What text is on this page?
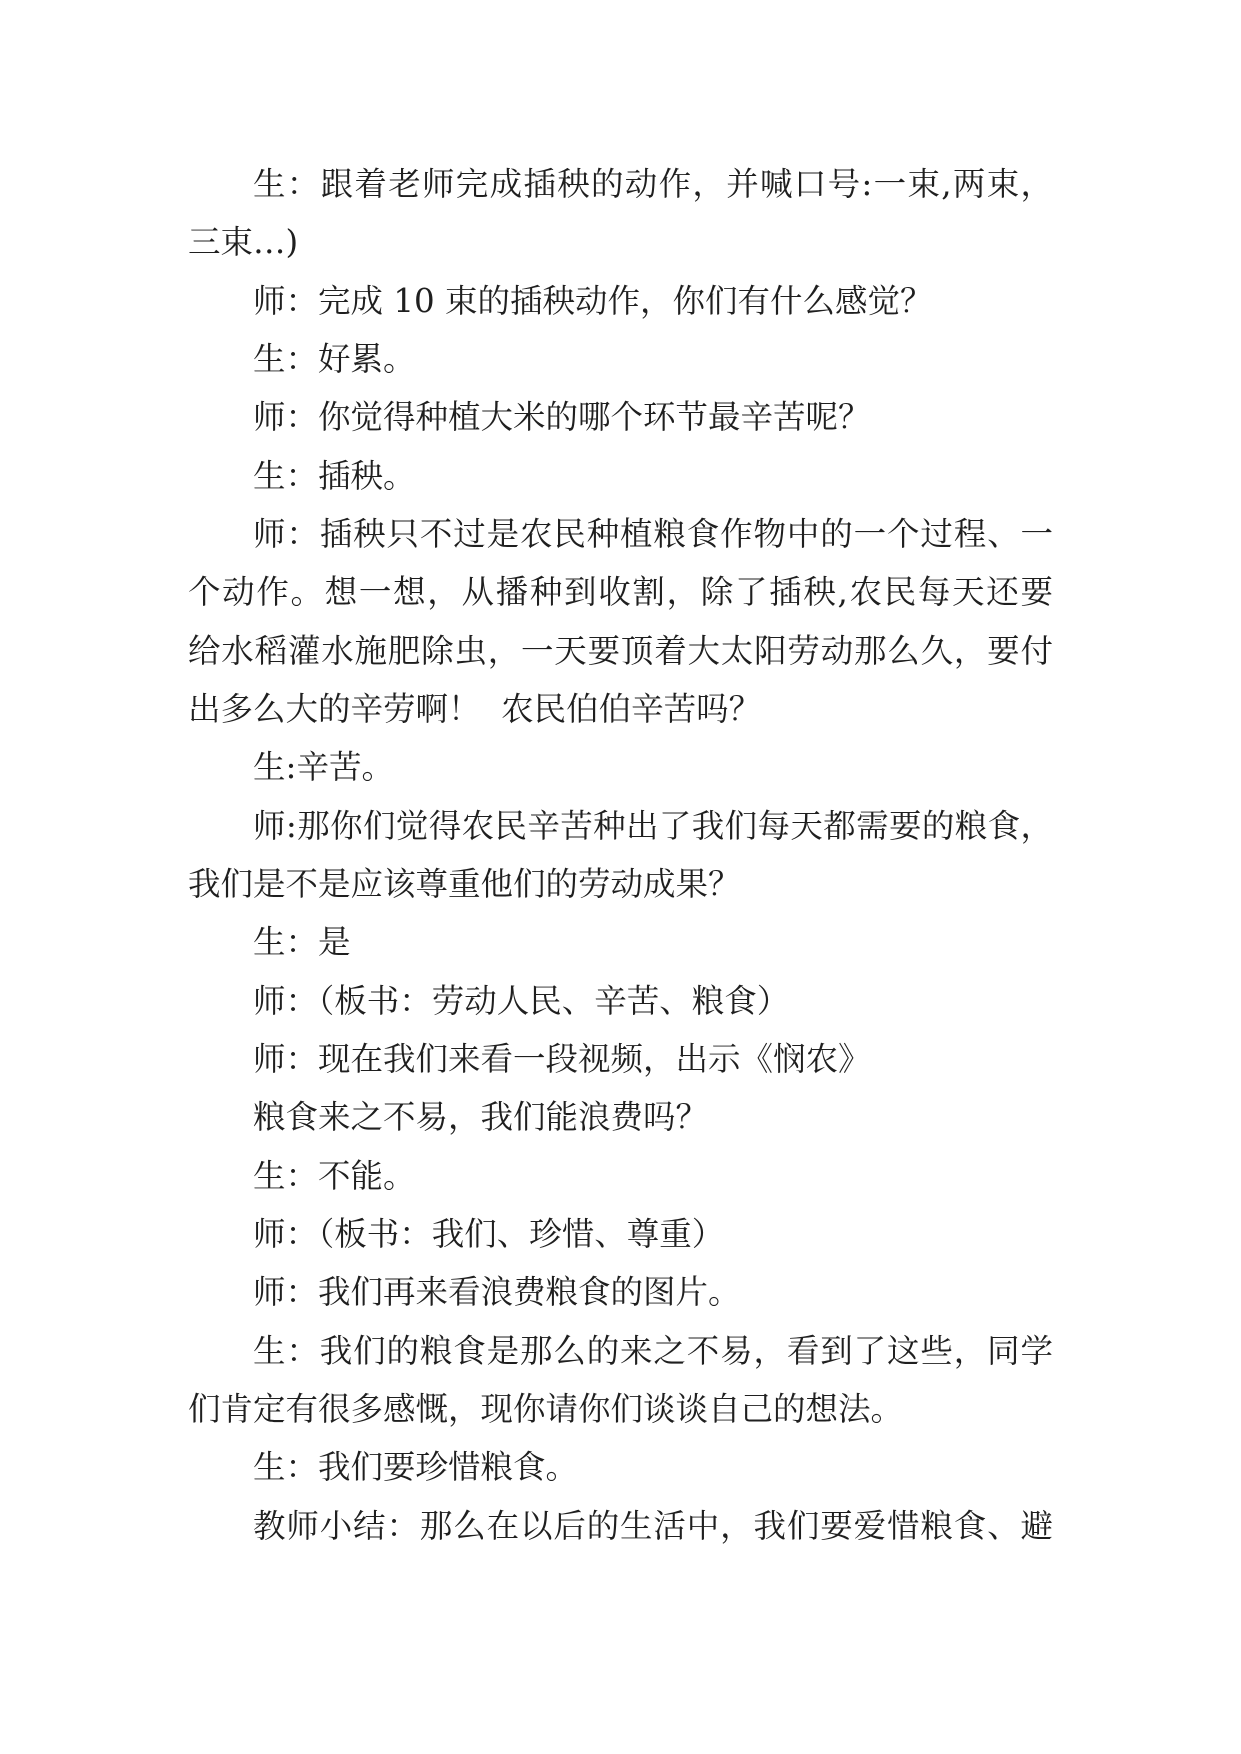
生：跟着老师完成插秧的动作，并喊口号:一束,两束，
三束…)
师：完成 10 束的插秧动作，你们有什么感觉？
生：好累。
师：你觉得种植大米的哪个环节最辛苦呢？
生：插秧。
师：插秧只不过是农民种植粮食作物中的一个过程、一
个动作。想一想，从播种到收割，除了插秧,农民每天还要
给水稻灌水施肥除虫，一天要顶着大太阳劳动那么久，要付
出多么大的辛劳啊！  农民伯伯辛苦吗？
生:辛苦。
师:那你们觉得农民辛苦种出了我们每天都需要的粮食，
我们是不是应该尊重他们的劳动成果？
生：是
师：（板书：劳动人民、辛苦、粮食）
师：现在我们来看一段视频，出示《悯农》
粮食来之不易，我们能浪费吗？
生：不能。
师：（板书：我们、珍惜、尊重）
师：我们再来看浪费粮食的图片。
生：我们的粮食是那么的来之不易，看到了这些，同学
们肯定有很多感慨，现你请你们谈谈自己的想法。
生：我们要珍惜粮食。
教师小结：那么在以后的生活中，我们要爱惜粮食、避
